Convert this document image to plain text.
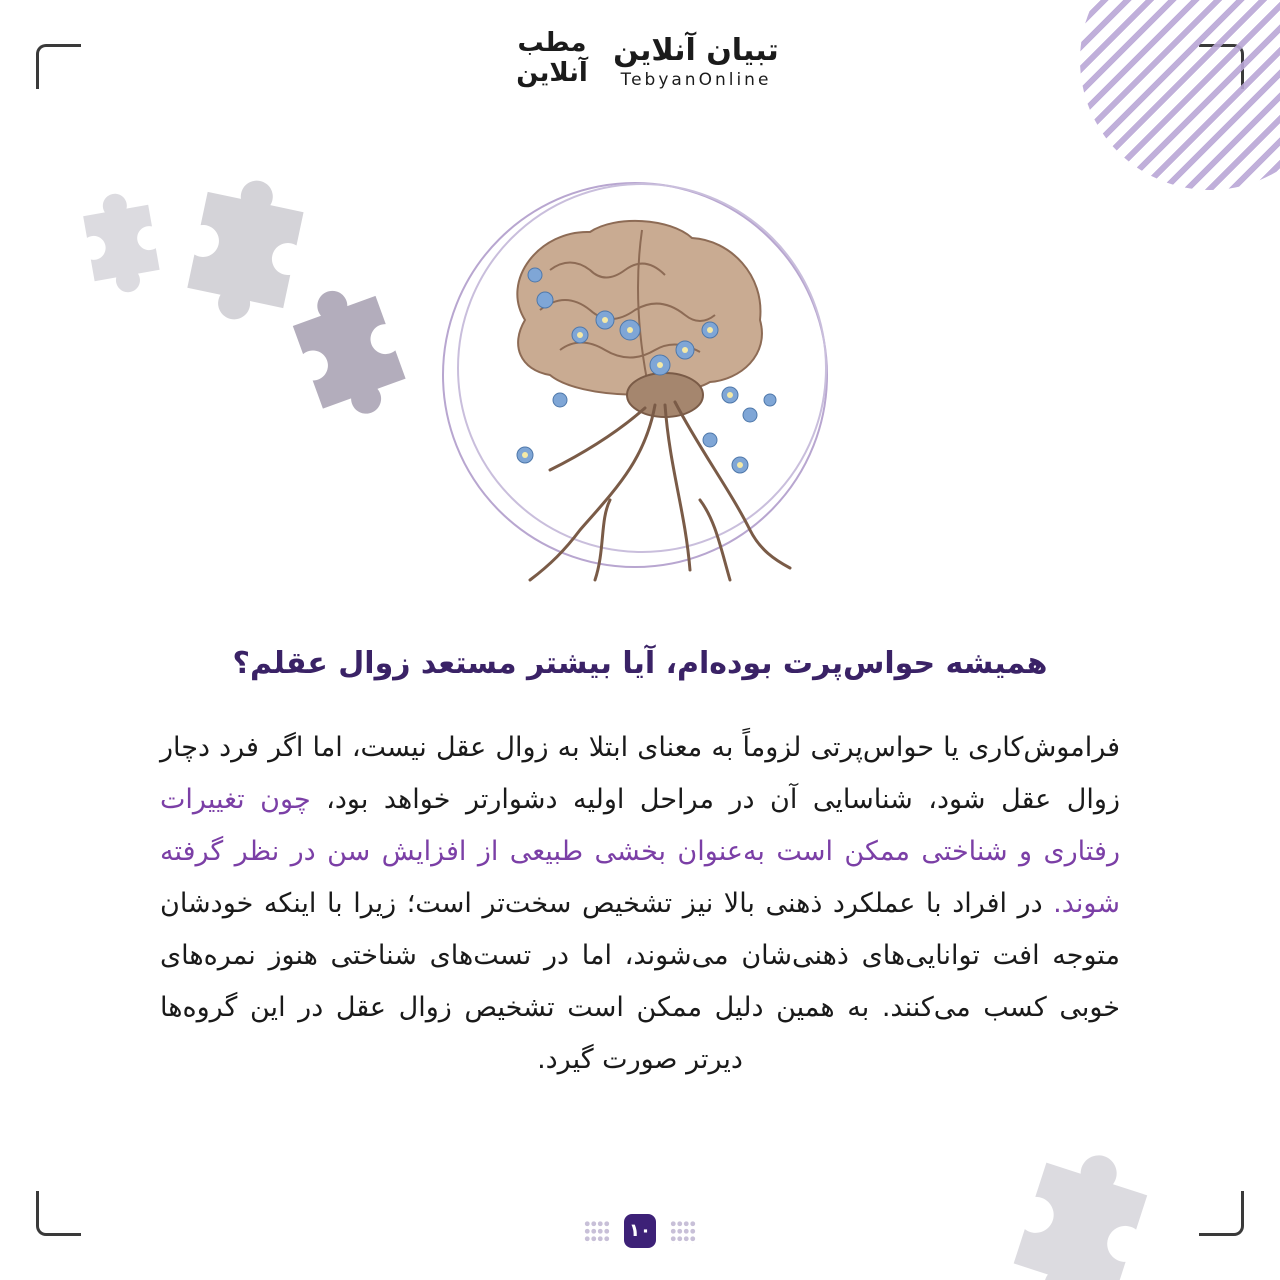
تبیان آنلاین
TebyanOnline
مطب آنلاین
همیشه حواس‌پرت بوده‌ام، آیا بیشتر مستعد زوال عقلم؟
فراموش‌کاری یا حواس‌پرتی لزوماً به معنای ابتلا به زوال عقل نیست، اما اگر فرد دچار زوال عقل شود، شناسایی آن در مراحل اولیه دشوارتر خواهد بود، چون تغییرات رفتاری و شناختی ممکن است به‌عنوان بخشی طبیعی از افزایش سن در نظر گرفته شوند. در افراد با عملکرد ذهنی بالا نیز تشخیص سخت‌تر است؛ زیرا با اینکه خودشان متوجه افت توانایی‌های ذهنی‌شان می‌شوند، اما در تست‌های شناختی هنوز نمره‌های خوبی کسب می‌کنند. به همین دلیل ممکن است تشخیص زوال عقل در این گروه‌ها دیرتر صورت گیرد.
۱۰
